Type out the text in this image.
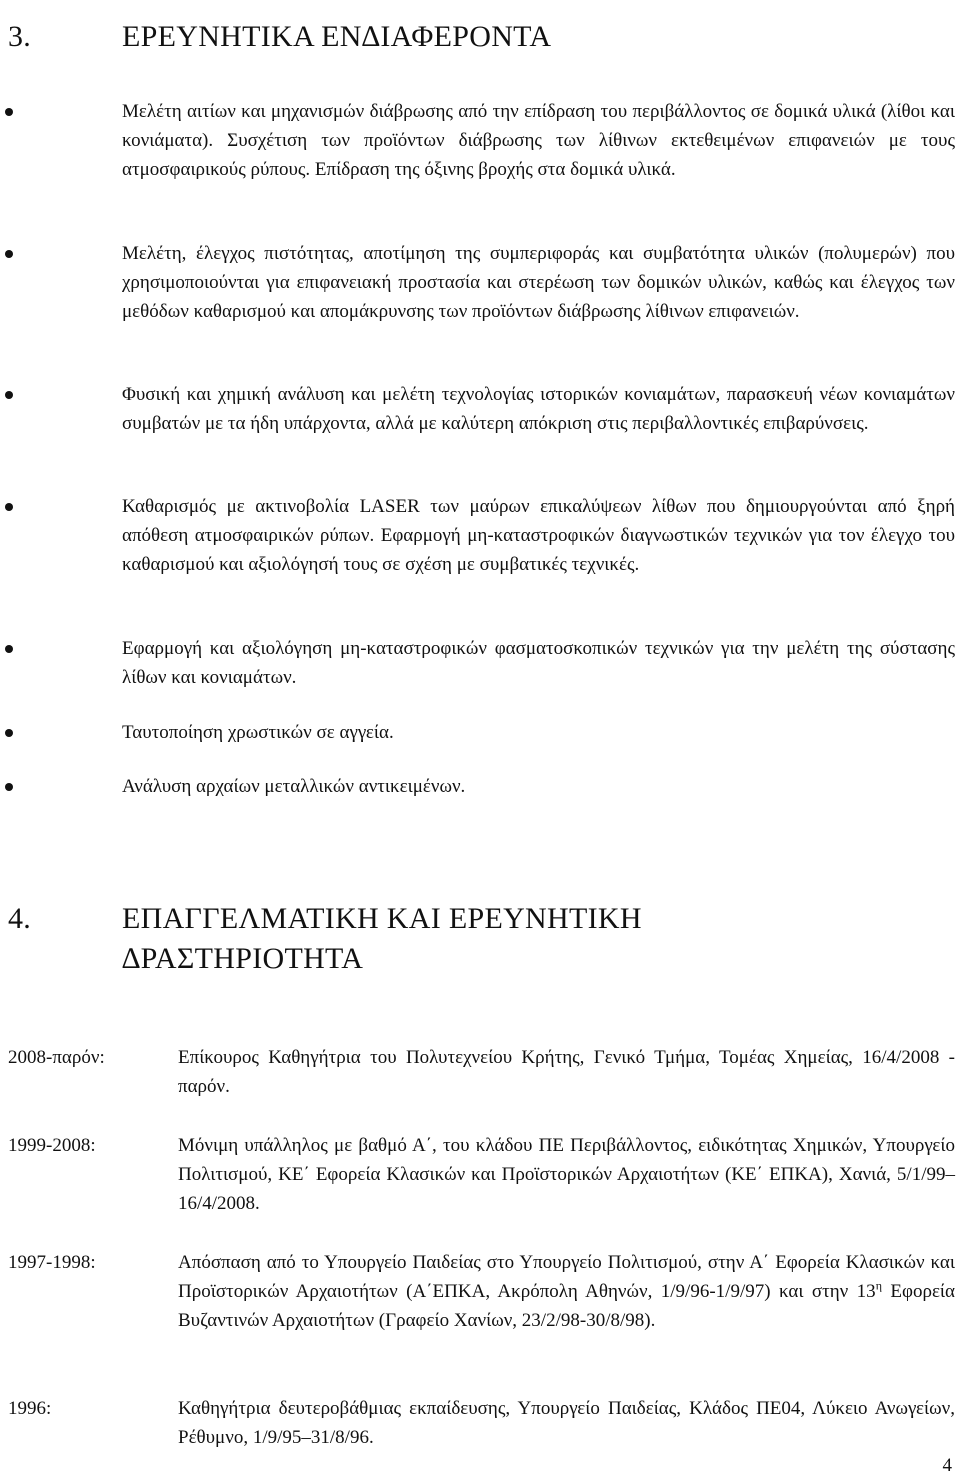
3.	ΕΡΕΥΝΗΤΙΚΑ ΕΝ∆ΙΑΦΕΡΟΝΤΑ
Μελέτη αιτίων και μηχανισμών διάβρωσης από την επίδραση του περιβάλλοντος σε δομικά υλικά (λίθοι και κονιάματα). Συσχέτιση των προϊόντων διάβρωσης των λίθινων εκτεθειμένων επιφανειών με τους ατμοσφαιρικούς ρύπους. Επίδραση της όξινης βροχής στα δομικά υλικά.
Μελέτη, έλεγχος πιστότητας, αποτίμηση της συμπεριφοράς και συμβατότητα υλικών (πολυμερών) που χρησιμοποιούνται για επιφανειακή προστασία και στερέωση των δομικών υλικών, καθώς και έλεγχος των μεθόδων καθαρισμού και απομάκρυνσης των προϊόντων διάβρωσης λίθινων επιφανειών.
Φυσική και χημική ανάλυση και μελέτη τεχνολογίας ιστορικών κονιαμάτων, παρασκευή νέων κονιαμάτων συμβατών με τα ήδη υπάρχοντα, αλλά με καλύτερη απόκριση στις περιβαλλοντικές επιβαρύνσεις.
Καθαρισμός με ακτινοβολία LASER των μαύρων επικαλύψεων λίθων που δημιουργούνται από ξηρή απόθεση ατμοσφαιρικών ρύπων. Εφαρμογή μη-καταστροφικών διαγνωστικών τεχνικών για τον έλεγχο του καθαρισμού και αξιολόγησή τους σε σχέση με συμβατικές τεχνικές.
Εφαρμογή και αξιολόγηση μη-καταστροφικών φασματοσκοπικών τεχνικών για την μελέτη της σύστασης λίθων και κονιαμάτων.
Ταυτοποίηση χρωστικών σε αγγεία.
Ανάλυση αρχαίων μεταλλικών αντικειμένων.
4.	ΕΠΑΓΓΕΛΜΑΤΙΚΗ ΚΑΙ ΕΡΕΥΝΗΤΙΚΗ
∆ΡΑΣΤΗΡΙΟΤΗΤΑ
2008-παρόν:	Επίκουρος Καθηγήτρια του Πολυτεχνείου Κρήτης, Γενικό Τμήμα, Τομέας Χημείας, 16/4/2008 - παρόν.
1999-2008:	Μόνιμη υπάλληλος με βαθμό Α΄, του κλάδου ΠΕ Περιβάλλοντος, ειδικότητας Χημικών, Υπουργείο Πολιτισμού, ΚΕ΄ Εφορεία Κλασικών και Προϊστορικών Αρχαιοτήτων (ΚΕ΄ ΕΠΚΑ), Χανιά, 5/1/99–16/4/2008.
1997-1998:	Απόσπαση από το Υπουργείο Παιδείας στο Υπουργείο Πολιτισμού, στην Α΄ Εφορεία Κλασικών και Προϊστορικών Αρχαιοτήτων (Α΄ΕΠΚΑ, Ακρόπολη Αθηνών, 1/9/96-1/9/97) και στην $13^\eta$ Εφορεία Βυζαντινών Αρχαιοτήτων (Γραφείο Χανίων, 23/2/98-30/8/98).
1996:	Καθηγήτρια δευτεροβάθμιας εκπαίδευσης, Υπουργείο Παιδείας, Κλάδος ΠΕ04, Λύκειο Ανωγείων, Ρέθυμνο, 1/9/95–31/8/96.
4
